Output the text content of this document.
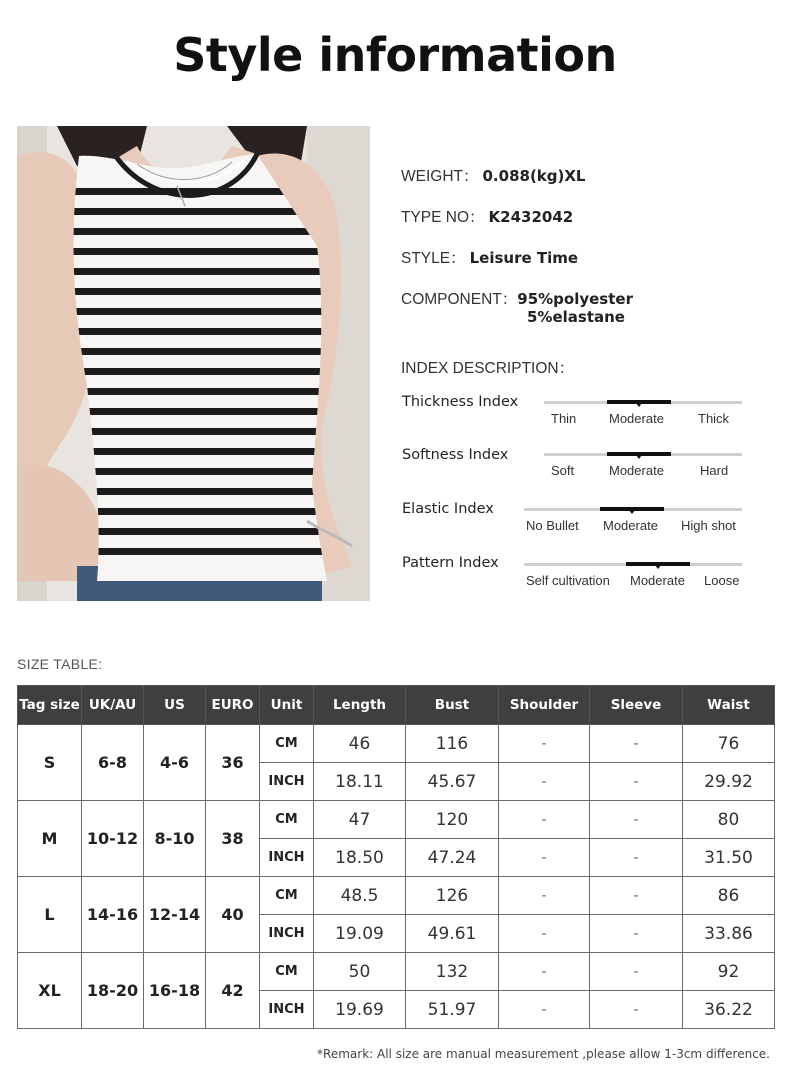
Style information
WEIGHT： 0.088(kg)XL
TYPE NO： K2432042
STYLE： Leisure Time
COMPONENT：95%polyester
5%elastane
INDEX DESCRIPTION：
Thickness Index
Thin	Moderate	Thick
Softness Index
Soft	Moderate	Hard
Elastic Index
No Bullet Moderate High shot
Pattern Index
Self cultivation Moderate Loose
SIZE TABLE:
Tag size	UK/AU	US	EURO	Unit	Length	Bust	Shoulder	Sleeve	Waist
S	6-8	4-6	36	CM	46	116	-	-	76
				INCH	18.11	45.67	-	-	29.92
M	10-12	8-10	38	CM	47	120	-	-	80
				INCH	18.50	47.24	-	-	31.50
L	14-16	12-14	40	CM	48.5	126	-	-	86
				INCH	19.09	49.61	-	-	33.86
XL	18-20	16-18	42	CM	50	132	-	-	92
				INCH	19.69	51.97	-	-	36.22
*Remark: All size are manual measurement ,please allow 1-3cm difference.
